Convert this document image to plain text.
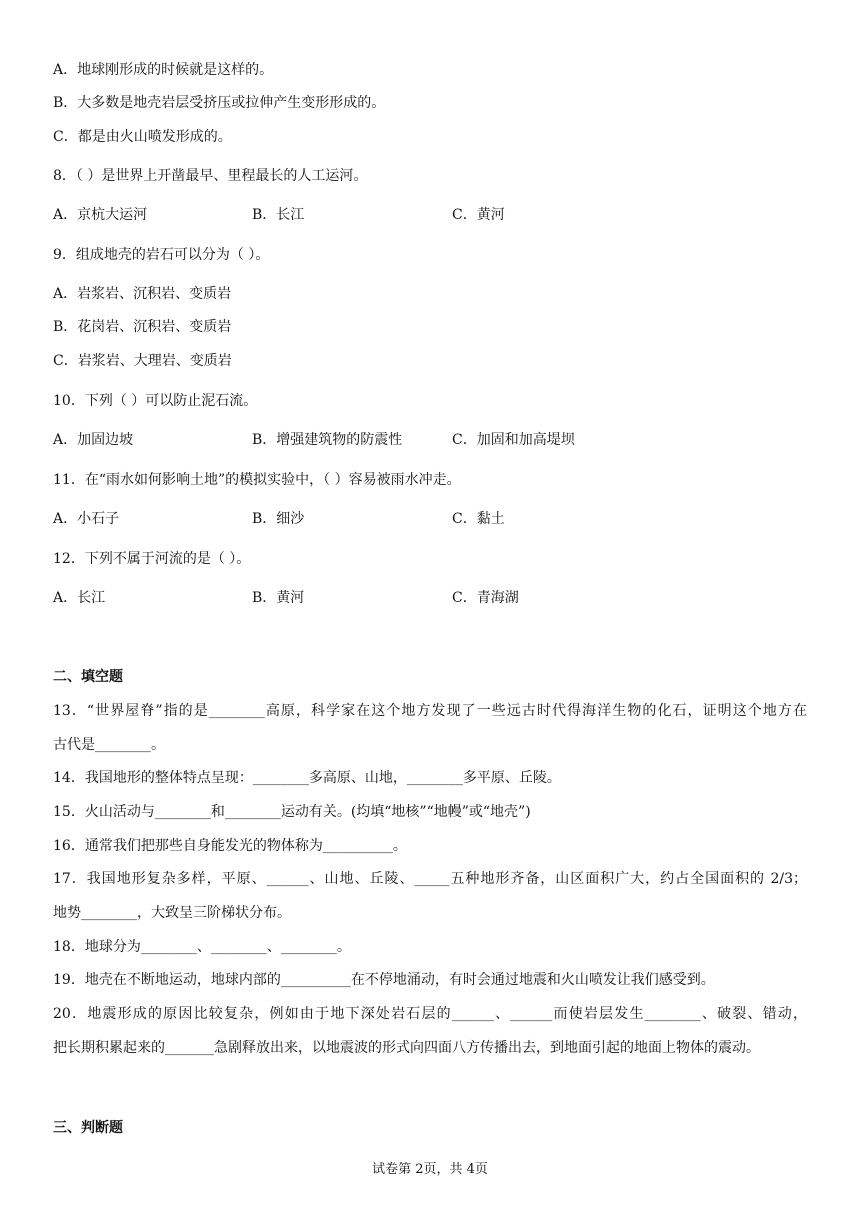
A．地球刚形成的时候就是这样的。
B．大多数是地壳岩层受挤压或拉伸产生变形形成的。
C．都是由火山喷发形成的。
8．（ ）是世界上开凿最早、里程最长的人工运河。
A．京杭大运河	B．长江	C．黄河
9．组成地壳的岩石可以分为（ ）。
A．岩浆岩、沉积岩、变质岩
B．花岗岩、沉积岩、变质岩
C．岩浆岩、大理岩、变质岩
10．下列（ ）可以防止泥石流。
A．加固边坡	B．增强建筑物的防震性	C．加固和加高堤坝
11．在“雨水如何影响土地”的模拟实验中，（ ）容易被雨水冲走。
A．小石子	B．细沙	C．黏土
12．下列不属于河流的是（ ）。
A．长江	B．黄河	C．青海湖
二、填空题
13．“世界屋脊”指的是________高原，科学家在这个地方发现了一些远古时代得海洋生物的化石，证明这个地方在
古代是________。
14．我国地形的整体特点呈现：________多高原、山地，________多平原、丘陵。
15．火山活动与________和________运动有关。(均填“地核”“地幔”或“地壳”)
16．通常我们把那些自身能发光的物体称为__________。
17．我国地形复杂多样，平原、______、山地、丘陵、_____五种地形齐备，山区面积广大，约占全国面积的 2/3；
地势________，大致呈三阶梯状分布。
18．地球分为________、________、________。
19．地壳在不断地运动，地球内部的__________在不停地涌动，有时会通过地震和火山喷发让我们感受到。
20．地震形成的原因比较复杂，例如由于地下深处岩石层的______、______而使岩层发生________、破裂、错动，
把长期积累起来的_______急剧释放出来，以地震波的形式向四面八方传播出去，到地面引起的地面上物体的震动。
三、判断题
试卷第 2页，共 4页
